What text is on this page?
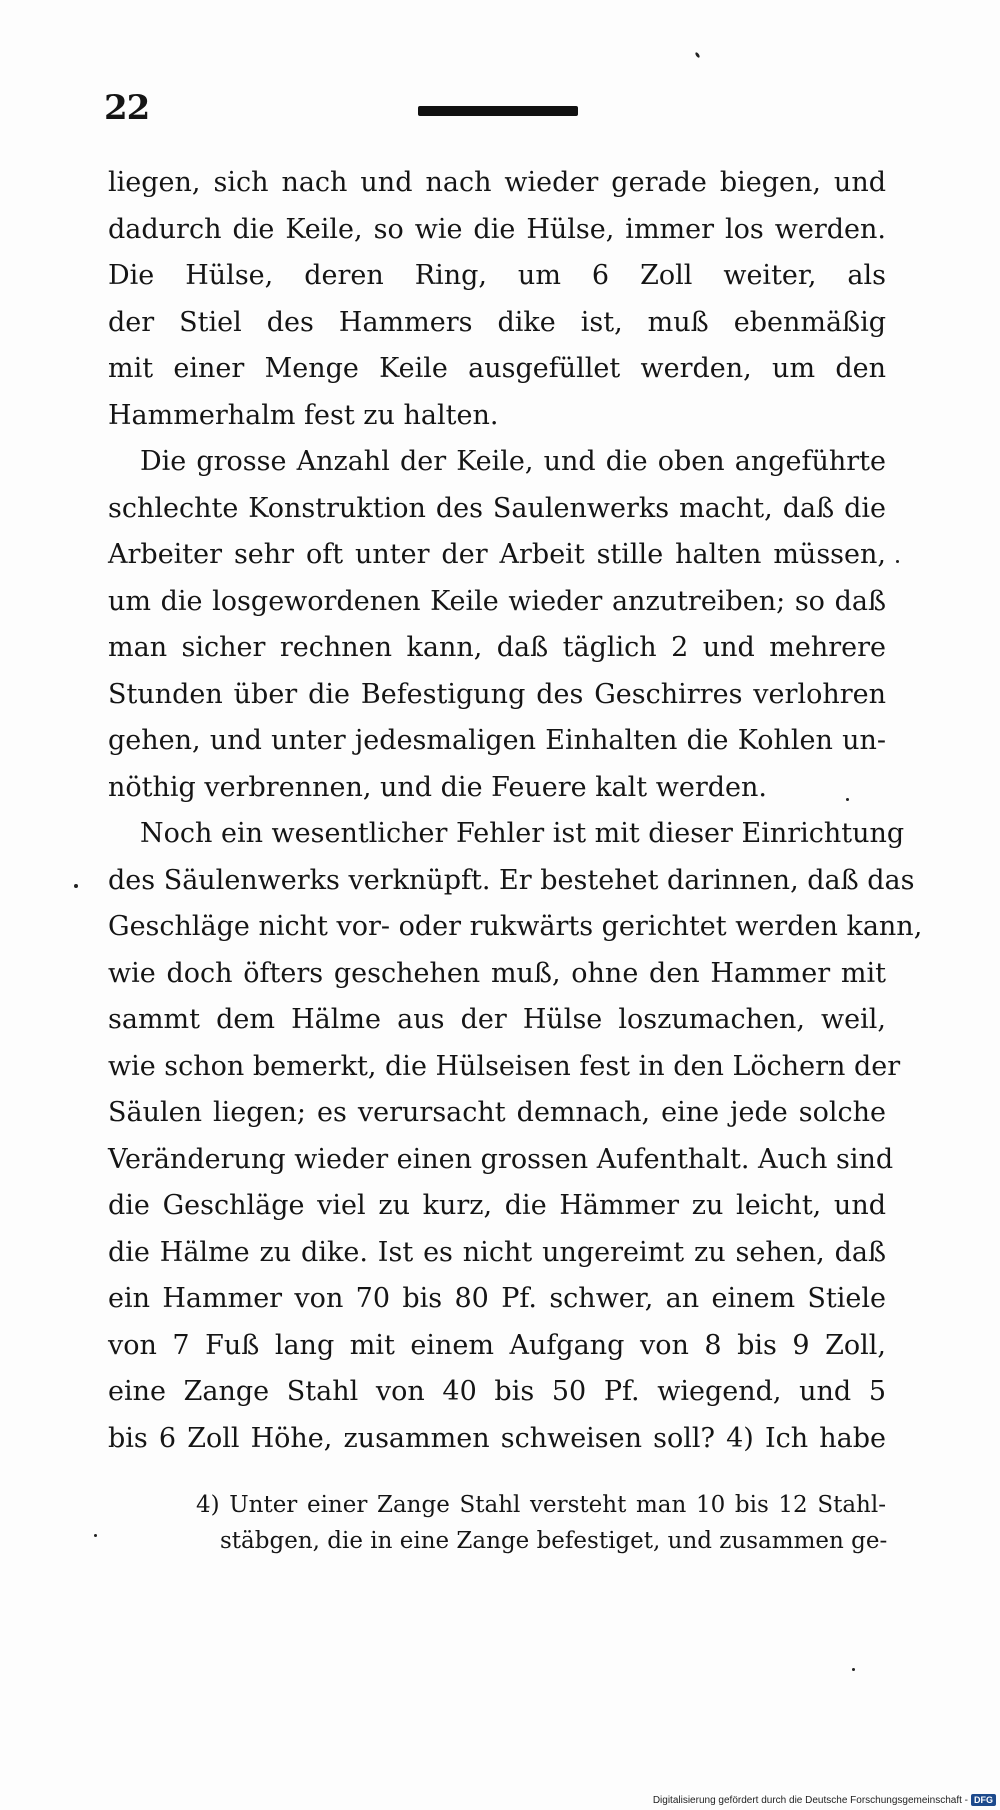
22
liegen, sich nach und nach wieder gerade biegen, und
dadurch die Keile, so wie die Hülse, immer los werden.
Die Hülse, deren Ring, um 6 Zoll weiter, als
der Stiel des Hammers dike ist, muß ebenmäßig
mit einer Menge Keile ausgefüllet werden, um den
Hammerhalm fest zu halten.
Die grosse Anzahl der Keile, und die oben angeführte
schlechte Konstruktion des Saulenwerks macht, daß die
Arbeiter sehr oft unter der Arbeit stille halten müssen,
um die losgewordenen Keile wieder anzutreiben; so daß
man sicher rechnen kann, daß täglich 2 und mehrere
Stunden über die Befestigung des Geschirres verlohren
gehen, und unter jedesmaligen Einhalten die Kohlen un-
nöthig verbrennen, und die Feuere kalt werden.
Noch ein wesentlicher Fehler ist mit dieser Einrichtung
des Säulenwerks verknüpft. Er bestehet darinnen, daß das
Geschläge nicht vor- oder rukwärts gerichtet werden kann,
wie doch öfters geschehen muß, ohne den Hammer mit
sammt dem Hälme aus der Hülse loszumachen, weil,
wie schon bemerkt, die Hülseisen fest in den Löchern der
Säulen liegen; es verursacht demnach, eine jede solche
Veränderung wieder einen grossen Aufenthalt. Auch sind
die Geschläge viel zu kurz, die Hämmer zu leicht, und
die Hälme zu dike. Ist es nicht ungereimt zu sehen, daß
ein Hammer von 70 bis 80 Pf. schwer, an einem Stiele
von 7 Fuß lang mit einem Aufgang von 8 bis 9 Zoll,
eine Zange Stahl von 40 bis 50 Pf. wiegend, und 5
bis 6 Zoll Höhe, zusammen schweisen soll? 4) Ich habe
4) Unter einer Zange Stahl versteht man 10 bis 12 Stahl-
stäbgen, die in eine Zange befestiget, und zusammen ge-
Digitalisierung gefördert durch die Deutsche Forschungsgemeinschaft - DFG
